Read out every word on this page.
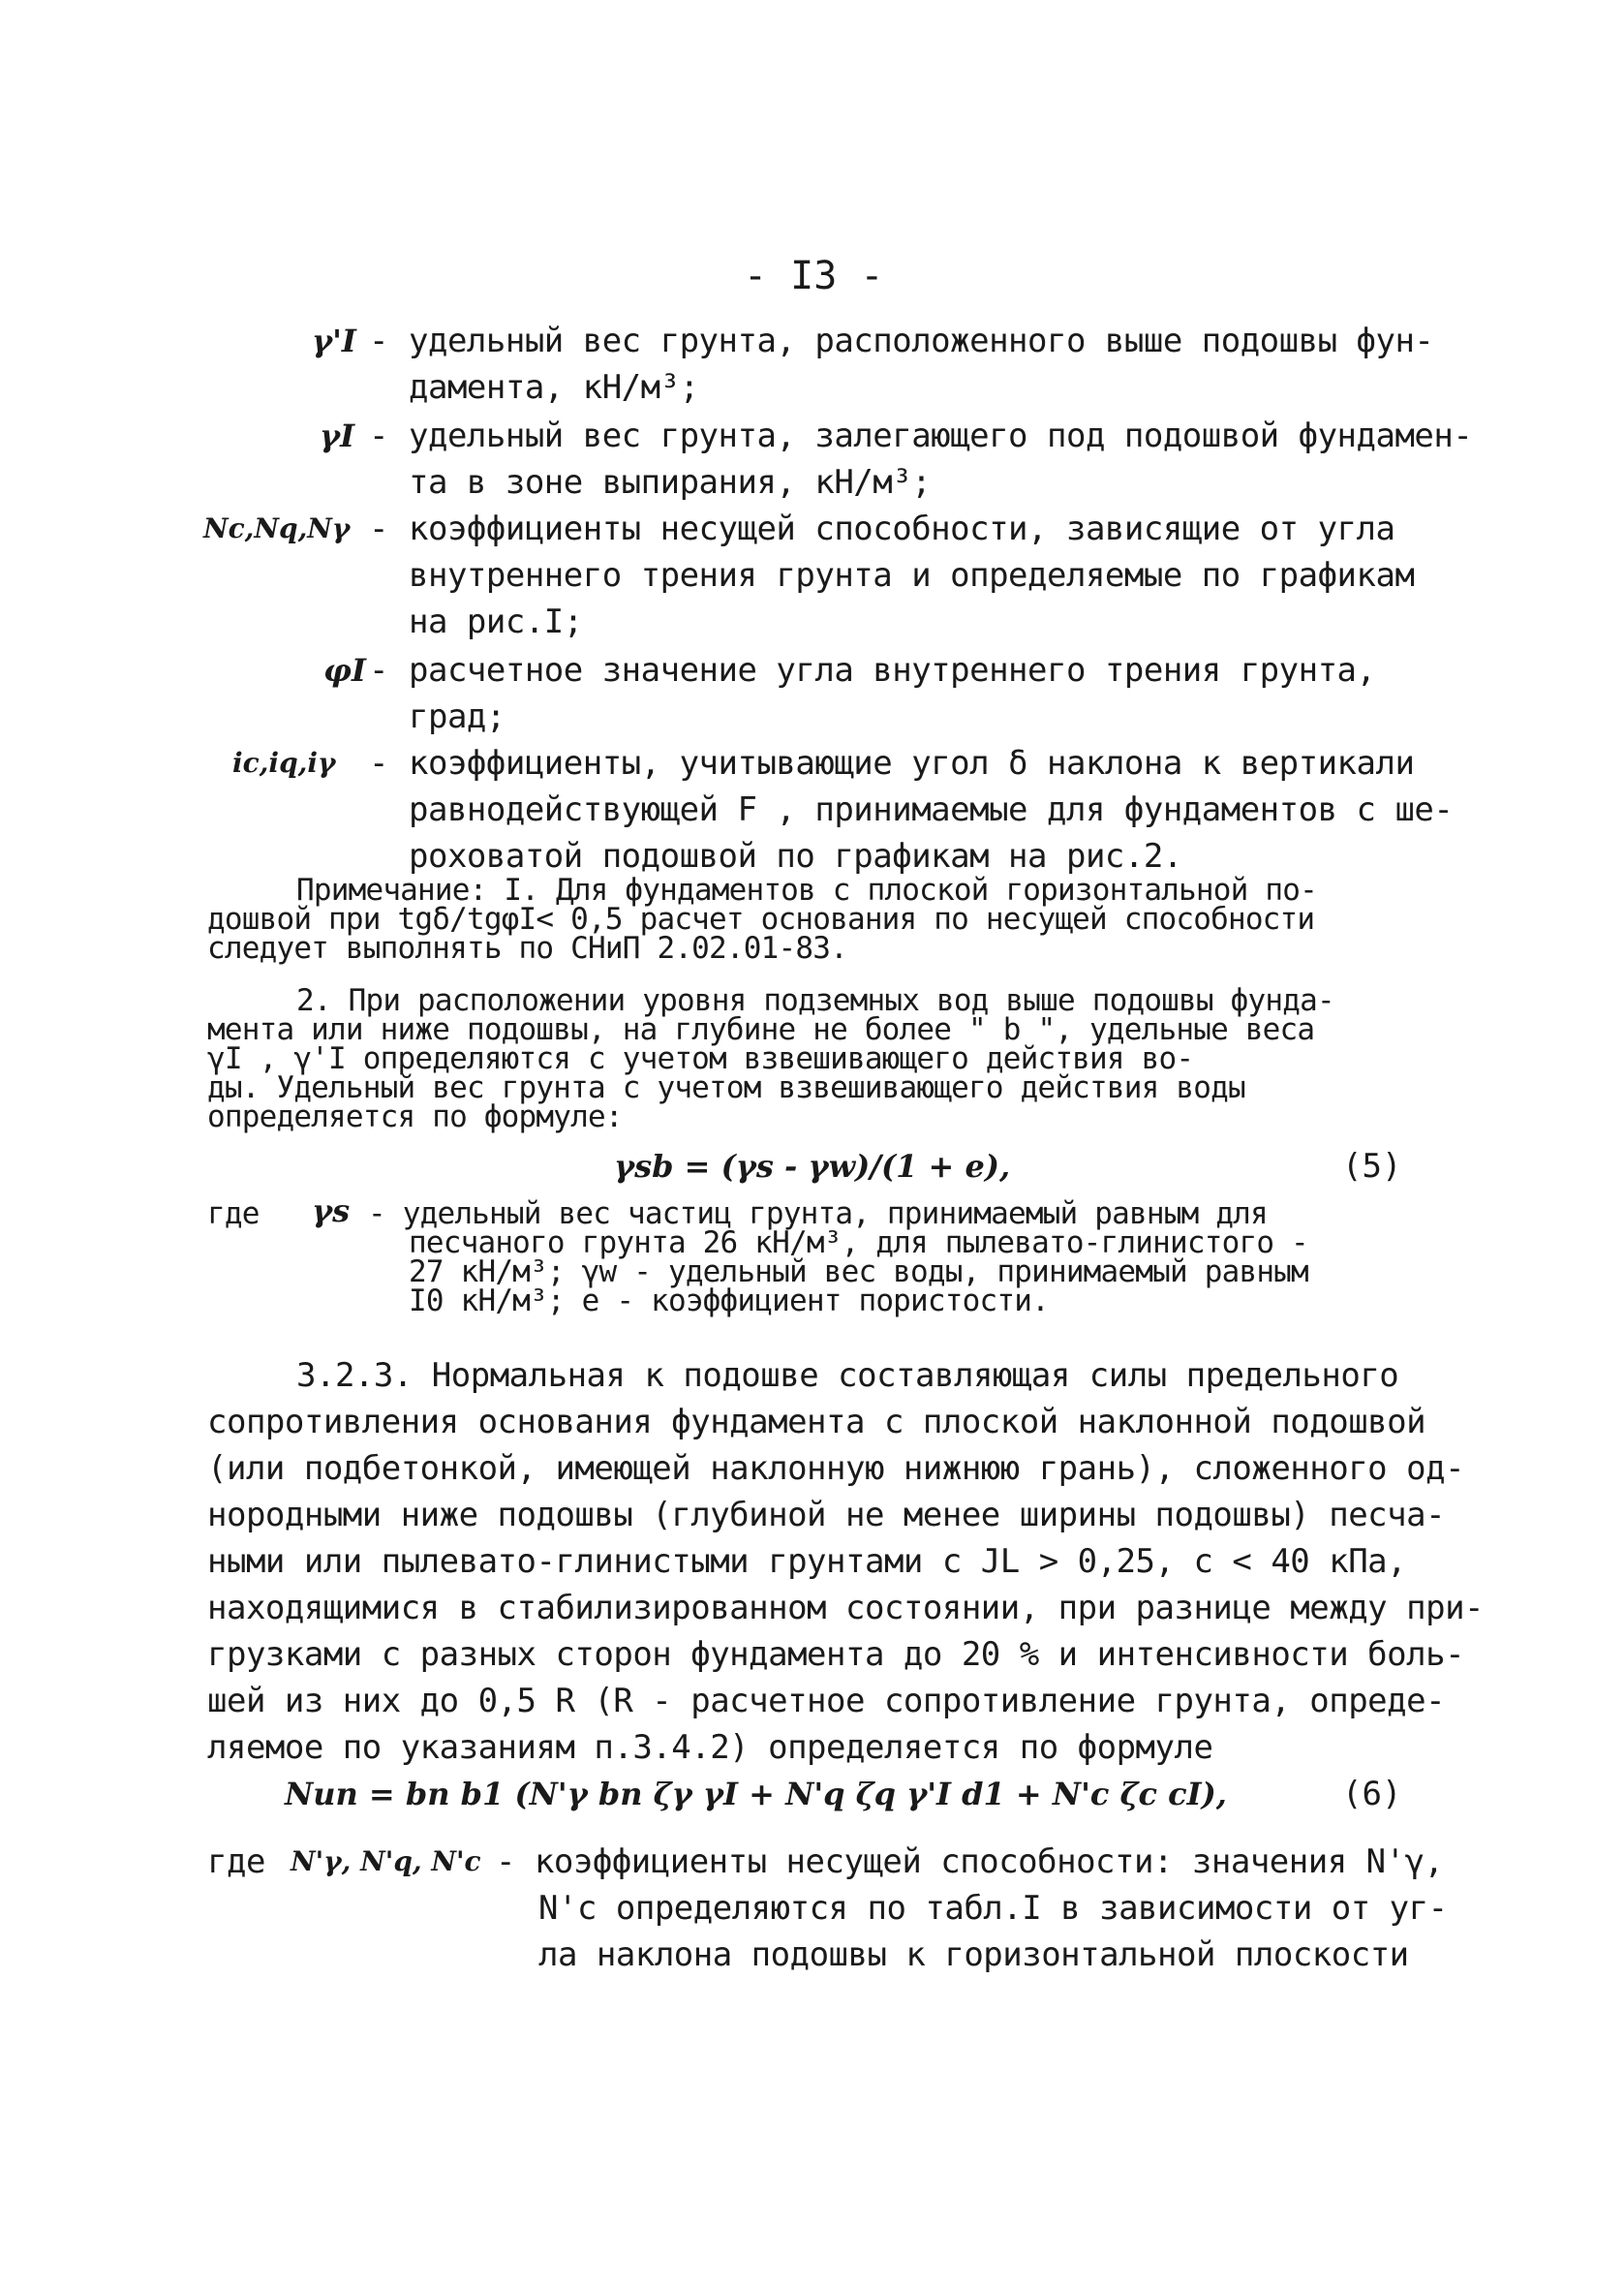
- I3 -
γ'I - удельный вес грунта, расположенного выше подошвы фун-
дамента, кН/м³;
γI - удельный вес грунта, залегающего под подошвой фундамен-
та в зоне выпирания, кН/м³;
Nc,Nq,Nγ - коэффициенты несущей способности, зависящие от угла
внутреннего трения грунта и определяемые по графикам
на рис.I;
φI - расчетное значение угла внутреннего трения грунта,
град;
ic,iq,iγ - коэффициенты, учитывающие угол δ наклона к вертикали
равнодействующей F , принимаемые для фундаментов с ше-
роховатой подошвой по графикам на рис.2.
Примечание: I. Для фундаментов с плоской горизонтальной по-
дошвой при tgδ/tgφI< 0,5 расчет основания по несущей способности
следует выполнять по СНиП 2.02.01-83.
2. При расположении уровня подземных вод выше подошвы фунда-
мента или ниже подошвы, на глубине не более " b ", удельные веса
γI , γ'I определяются с учетом взвешивающего действия во-
ды. Удельный вес грунта с учетом взвешивающего действия воды
определяется по формуле:
γsb = (γs - γw)/(1 + e),	(5)
где γs - удельный вес частиц грунта, принимаемый равным для
песчаного грунта 26 кН/м³, для пылевато-глинистого -
27 кН/м³; γw - удельный вес воды, принимаемый равным
I0 кН/м³; e - коэффициент пористости.
3.2.3. Нормальная к подошве составляющая силы предельного
сопротивления основания фундамента с плоской наклонной подошвой
(или подбетонкой, имеющей наклонную нижнюю грань), сложенного од-
нородными ниже подошвы (глубиной не менее ширины подошвы) песча-
ными или пылевато-глинистыми грунтами с JL > 0,25, c < 40 кПа,
находящимися в стабилизированном состоянии, при разнице между при-
грузками с разных сторон фундамента до 20 % и интенсивности боль-
шей из них до 0,5 R (R - расчетное сопротивление грунта, опреде-
ляемое по указаниям п.3.4.2) определяется по формуле
Nun = bn b1 (N'γ bn ζγ γI + N'q ζq γ'I d1 + N'c ζc cI),	(6)
где N'γ, N'q, N'c - коэффициенты несущей способности: значения N'γ,
N'c определяются по табл.I в зависимости от уг-
ла наклона подошвы к горизонтальной плоскости
